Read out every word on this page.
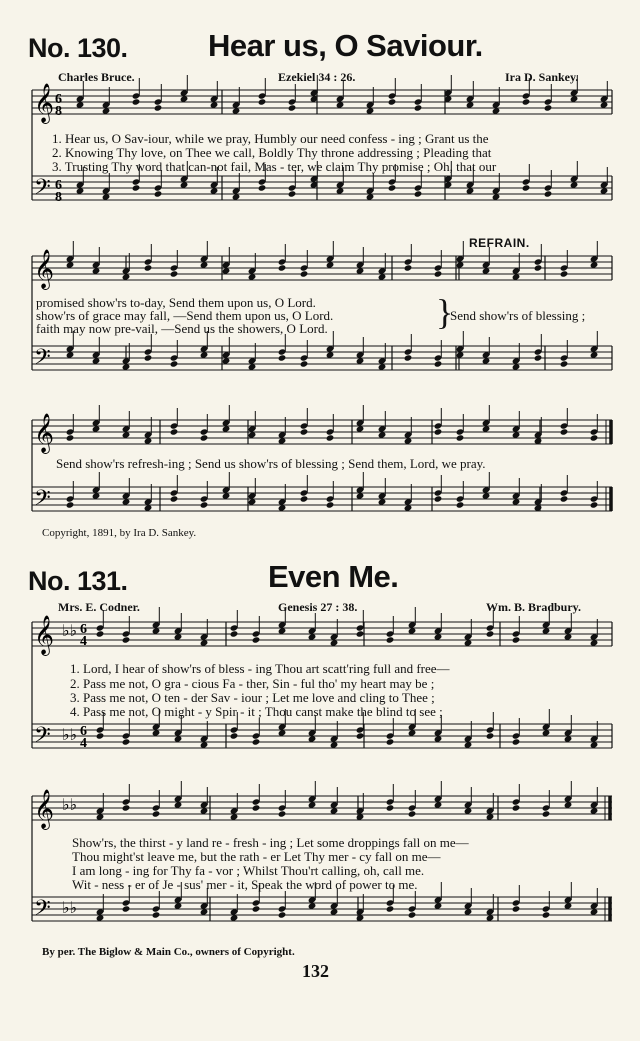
No. 130.	Hear us, O Saviour.
Charles Bruce.	Ezekiel 34 : 26.	Ira D. Sankey.
𝄞
𝄢
6
8
6
8
1. Hear us, O Sav-iour, while we pray, Humbly our need confess - ing ; Grant us the
2. Knowing Thy love, on Thee we call, Boldly Thy throne addressing ; Pleading that
3. Trusting Thy word that can-not fail, Mas - ter, we claim Thy promise ; Oh, that our
REFRAIN.
𝄞
𝄢
promised show'rs to-day, Send them upon us, O Lord.
show'rs of grace may fall, —Send them upon us, O Lord.
faith may now pre-vail, —Send us the showers, O Lord.	}
Send show'rs of blessing ;
𝄞
𝄢
Send show'rs refresh-ing ; Send us show'rs of blessing ; Send them, Lord, we pray.
Copyright, 1891, by Ira D. Sankey.
No. 131.	Even Me.
Mrs. E. Codner.	Genesis 27 : 38.	Wm. B. Bradbury.
𝄞
𝄢
♭♭
♭♭
6
4
6
4
1. Lord, I hear of show'rs of bless - ing Thou art scatt'ring full and free—
2. Pass me not, O gra - cious Fa - ther, Sin - ful tho' my heart may be ;
3. Pass me not, O ten - der Sav - iour ; Let me love and cling to Thee ;
4. Pass me not, O might - y Spir - it ; Thou canst make the blind to see ;
𝄞
𝄢
♭♭
♭♭
Show'rs, the thirst - y land re - fresh - ing ; Let some droppings fall on me—
Thou might'st leave me, but the rath - er Let Thy mer - cy fall on me—
I am long - ing for Thy fa - vor ; Whilst Thou'rt calling, oh, call me.
Wit - ness - er of Je - sus' mer - it, Speak the word of power to me.
By per. The Biglow & Main Co., owners of Copyright.
132
